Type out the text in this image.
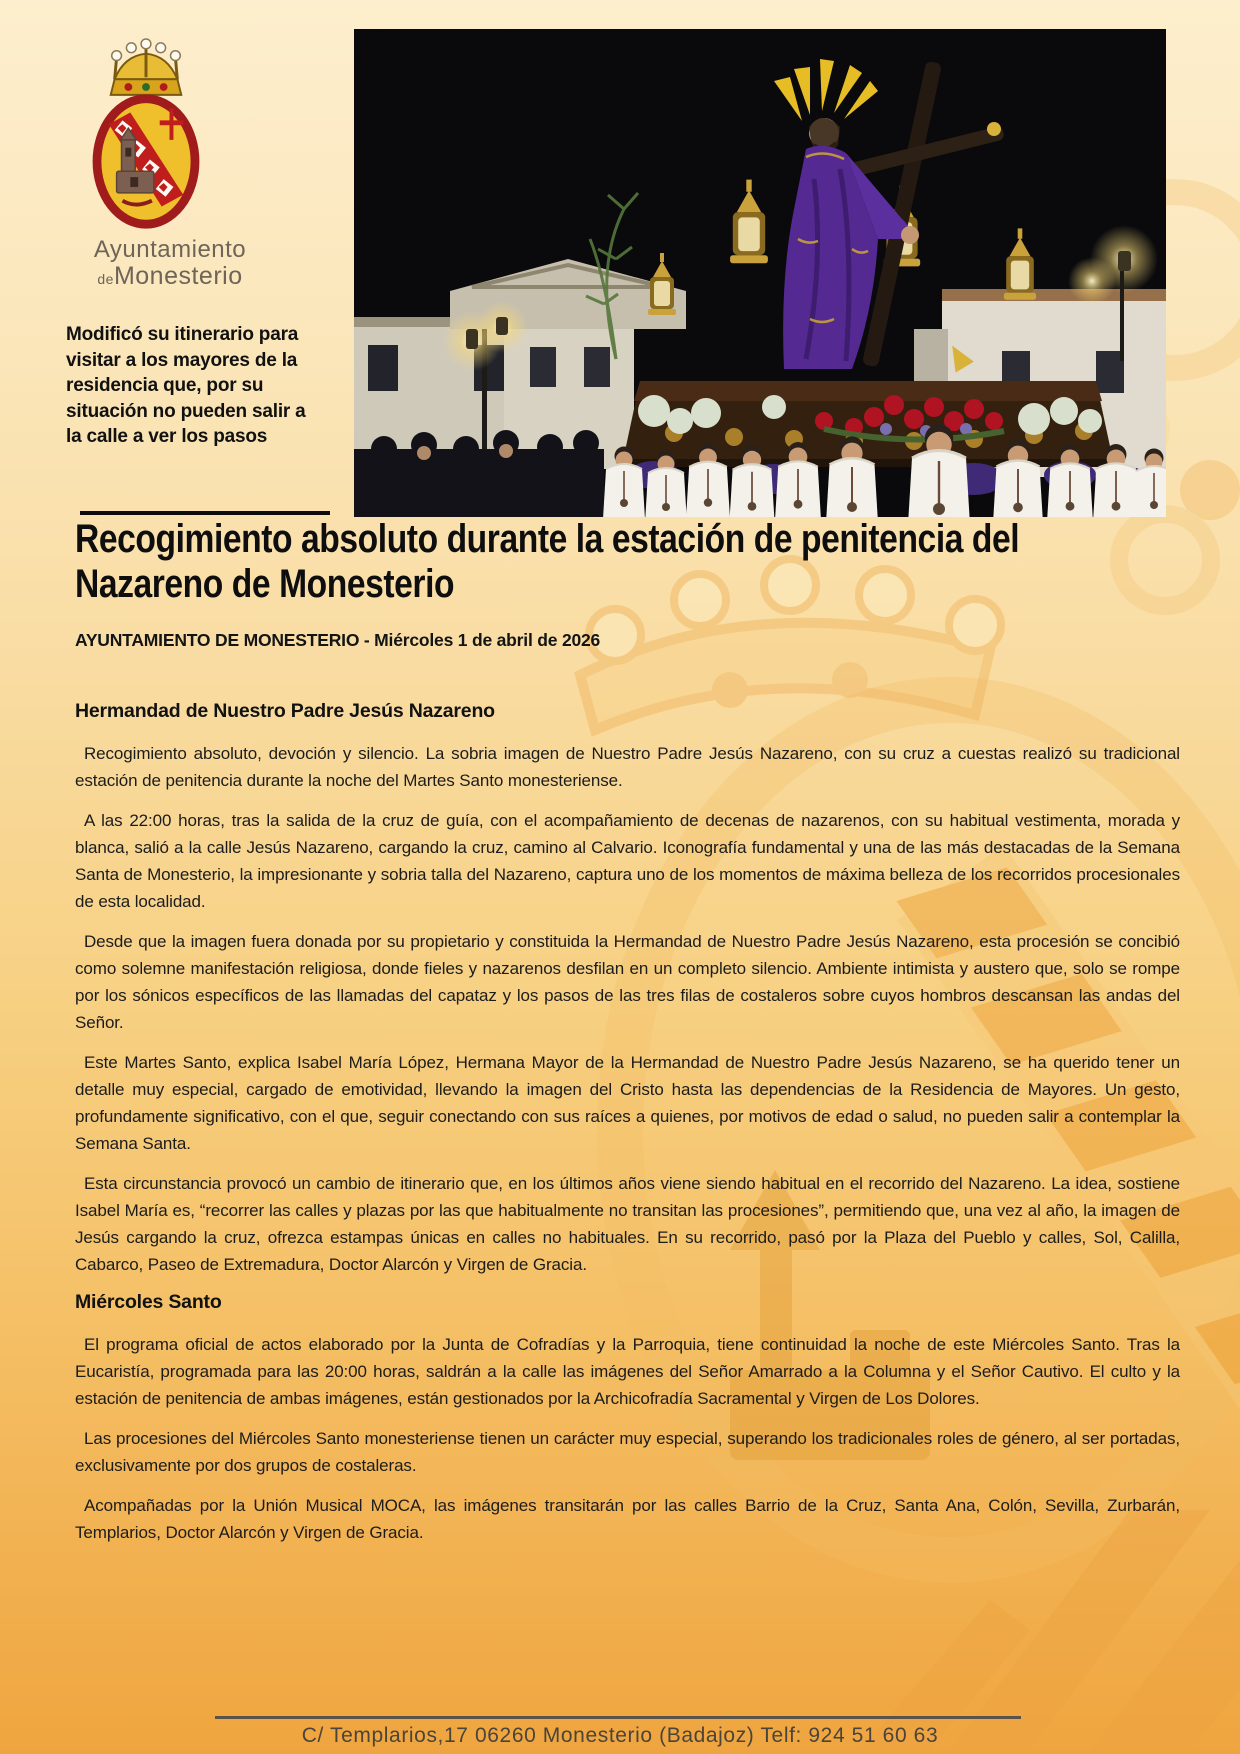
Ayuntamiento
deMonesterio

Modificó su itinerario para visitar a los mayores de la residencia que, por su situación no pueden salir a la calle a ver los pasos

Recogimiento absoluto durante la estación de penitencia del Nazareno de Monesterio

AYUNTAMIENTO DE MONESTERIO - Miércoles 1 de abril de 2026

Hermandad de Nuestro Padre Jesús Nazareno

Recogimiento absoluto, devoción y silencio. La sobria imagen de Nuestro Padre Jesús Nazareno, con su cruz a cuestas realizó su tradicional estación de penitencia durante la noche del Martes Santo monesteriense.

A las 22:00 horas, tras la salida de la cruz de guía, con el acompañamiento de decenas de nazarenos, con su habitual vestimenta, morada y blanca, salió a la calle Jesús Nazareno, cargando la cruz, camino al Calvario. Iconografía fundamental y una de las más destacadas de la Semana Santa de Monesterio, la impresionante y sobria talla del Nazareno, captura uno de los momentos de máxima belleza de los recorridos procesionales de esta localidad.

Desde que la imagen fuera donada por su propietario y constituida la Hermandad de Nuestro Padre Jesús Nazareno, esta procesión se concibió como solemne manifestación religiosa, donde fieles y nazarenos desfilan en un completo silencio. Ambiente intimista y austero que, solo se rompe por los sónicos específicos de las llamadas del capataz y los pasos de las tres filas de costaleros sobre cuyos hombros descansan las andas del Señor.

Este Martes Santo, explica Isabel María López, Hermana Mayor de la Hermandad de Nuestro Padre Jesús Nazareno, se ha querido tener un detalle muy especial, cargado de emotividad, llevando la imagen del Cristo hasta las dependencias de la Residencia de Mayores. Un gesto, profundamente significativo, con el que, seguir conectando con sus raíces a quienes, por motivos de edad o salud, no pueden salir a contemplar la Semana Santa.

Esta circunstancia provocó un cambio de itinerario que, en los últimos años viene siendo habitual en el recorrido del Nazareno. La idea, sostiene Isabel María es, “recorrer las calles y plazas por las que habitualmente no transitan las procesiones”, permitiendo que, una vez al año, la imagen de Jesús cargando la cruz, ofrezca estampas únicas en calles no habituales. En su recorrido, pasó por la Plaza del Pueblo y calles, Sol, Calilla, Cabarco, Paseo de Extremadura, Doctor Alarcón y Virgen de Gracia.

Miércoles Santo

El programa oficial de actos elaborado por la Junta de Cofradías y la Parroquia, tiene continuidad la noche de este Miércoles Santo. Tras la Eucaristía, programada para las 20:00 horas, saldrán a la calle las imágenes del Señor Amarrado a la Columna y el Señor Cautivo. El culto y la estación de penitencia de ambas imágenes, están gestionados por la Archicofradía Sacramental y Virgen de Los Dolores.

Las procesiones del Miércoles Santo monesteriense tienen un carácter muy especial, superando los tradicionales roles de género, al ser portadas, exclusivamente por dos grupos de costaleras.

Acompañadas por la Unión Musical MOCA, las imágenes transitarán por las calles Barrio de la Cruz, Santa Ana, Colón, Sevilla, Zurbarán, Templarios, Doctor Alarcón y Virgen de Gracia.

C/ Templarios,17 06260 Monesterio (Badajoz) Telf: 924 51 60 63
